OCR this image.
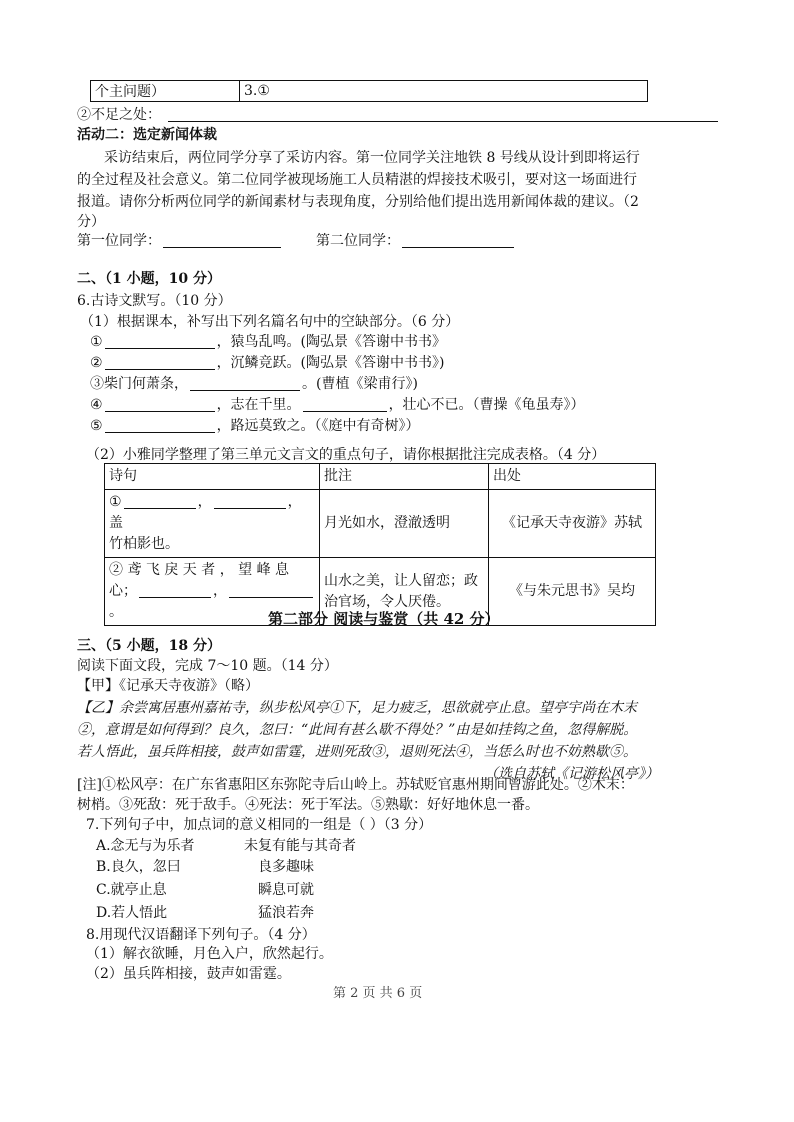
个主问题）	3.①
②不足之处：
活动二：选定新闻体裁
采访结束后，两位同学分享了采访内容。第一位同学关注地铁 8 号线从设计到即将运行
的全过程及社会意义。第二位同学被现场施工人员精湛的焊接技术吸引，要对这一场面进行
报道。请你分析两位同学的新闻素材与表现角度，分别给他们提出选用新闻体裁的建议。（2
分）
第一位同学：	第二位同学：
二、（1 小题，10 分）
6.古诗文默写。（10 分）
（1）根据课本，补写出下列名篇名句中的空缺部分。（6 分）
①	，猿鸟乱鸣。(陶弘景《答谢中书书》
②	，沉鳞竞跃。(陶弘景《答谢中书书》)
③柴门何萧条，	。(曹植《梁甫行》)
④	，志在千里。	，壮心不已。（曹操《龟虽寿》）
⑤	，路远莫致之。（《庭中有奇树》）
（2）小雅同学整理了第三单元文言文的重点句子，请你根据批注完成表格。（4 分）
诗句	批注	出处
① ， ，盖
竹柏影也。	月光如水，澄澈透明	《记承天寺夜游》苏轼
② 鸢 飞 戾 天 者 ， 望 峰 息
心； ，。	山水之美，让人留恋；政
治官场，令人厌倦。	《与朱元思书》吴均
第二部分 阅读与鉴赏（共 42 分）
三、（5 小题，18 分）
阅读下面文段，完成 7～10 题。（14 分）
【甲】《记承天寺夜游》（略）
【乙】余尝寓居惠州嘉祐寺，纵步松风亭①下，足力疲乏，思欲就亭止息。望亭宇尚在木末
②，意谓是如何得到？良久，忽曰：“此间有甚么歇不得处？”由是如挂钩之鱼，忽得解脱。
若人悟此，虽兵阵相接，鼓声如雷霆，进则死敌③，退则死法④，当恁么时也不妨熟歇⑤。
（选自苏轼《记游松风亭》）
[注]①松风亭：在广东省惠阳区东弥陀寺后山岭上。苏轼贬官惠州期间曾游此处。②木末：
树梢。③死敌：死于敌手。④死法：死于军法。⑤熟歇：好好地休息一番。
7.下列句子中，加点词的意义相同的一组是（ ）（3 分）
A.念无与为乐者	未复有能与其奇者
B.良久，忽曰	良多趣味
C.就亭止息	瞬息可就
D.若人悟此	猛浪若奔
8.用现代汉语翻译下列句子。（4 分）
（1）解衣欲睡，月色入户，欣然起行。
（2）虽兵阵相接，鼓声如雷霆。
第 2 页 共 6 页
